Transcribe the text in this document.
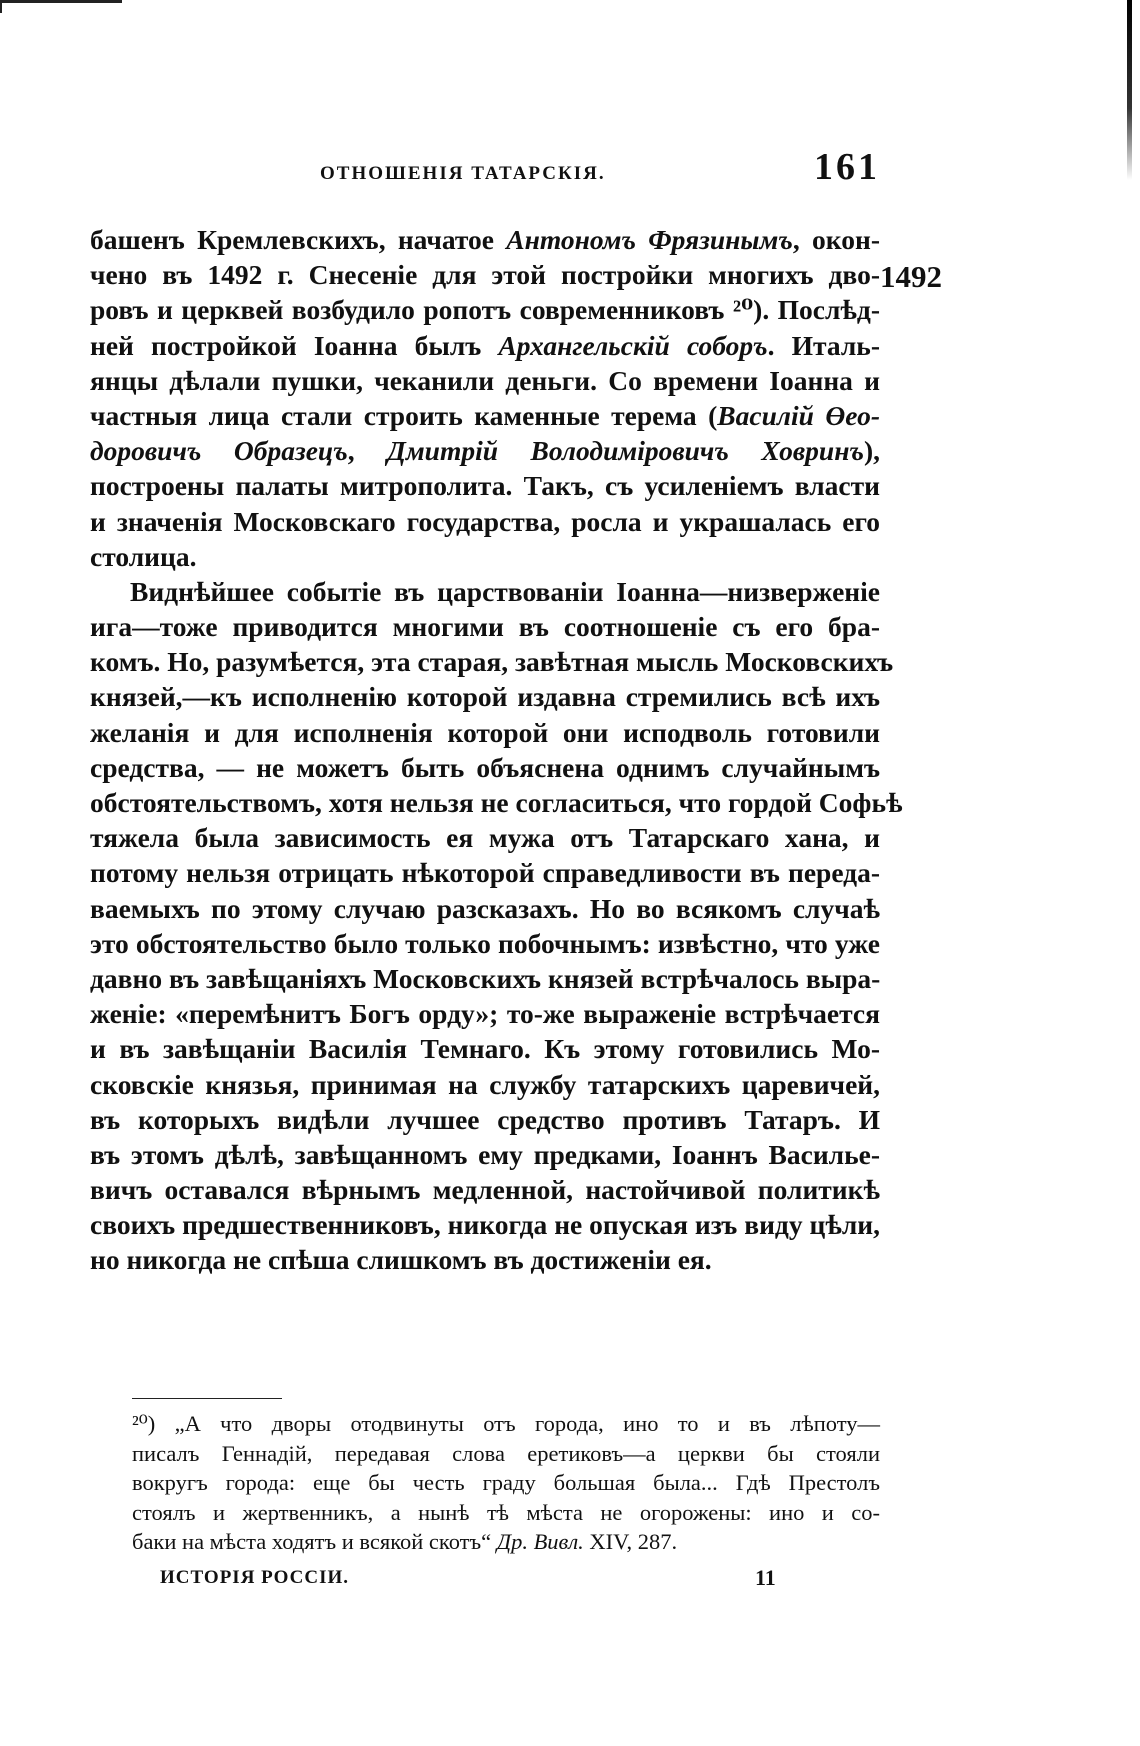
ОТНОШЕНІЯ ТАТАРСКІЯ.	161
1492
башенъ Кремлевскихъ, начатое Антономъ Фрязинымъ, окон-
чено въ 1492 г. Снесеніе для этой постройки многихъ дво-
ровъ и церквей возбудило ропотъ современниковъ ²⁰). Послѣд-
ней постройкой Іоанна былъ Архангельскій соборъ. Италь-
янцы дѣлали пушки, чеканили деньги. Со времени Іоанна и
частныя лица стали строить каменные терема (Василій Өео-
доровичъ Образецъ, Дмитрій Володиміровичъ Ховринъ),
построены палаты митрополита. Такъ, съ усиленіемъ власти
и значенія Московскаго государства, росла и украшалась его
столица.
Виднѣйшее событіе въ царствованіи Іоанна—низверженіе
ига—тоже приводится многими въ соотношеніе съ его бра-
комъ. Но, разумѣется, эта старая, завѣтная мысль Московскихъ
князей,—къ исполненію которой издавна стремились всѣ ихъ
желанія и для исполненія которой они исподволь готовили
средства, — не можетъ быть объяснена однимъ случайнымъ
обстоятельствомъ, хотя нельзя не согласиться, что гордой Софьѣ
тяжела была зависимость ея мужа отъ Татарскаго хана, и
потому нельзя отрицать нѣкоторой справедливости въ переда-
ваемыхъ по этому случаю разсказахъ. Но во всякомъ случаѣ
это обстоятельство было только побочнымъ: извѣстно, что уже
давно въ завѣщаніяхъ Московскихъ князей встрѣчалось выра-
женіе: «перемѣнитъ Богъ орду»; то-же выраженіе встрѣчается
и въ завѣщаніи Василія Темнаго. Къ этому готовились Мо-
сковскіе князья, принимая на службу татарскихъ царевичей,
въ которыхъ видѣли лучшее средство противъ Татаръ. И
въ этомъ дѣлѣ, завѣщанномъ ему предками, Іоаннъ Василье-
вичъ оставался вѣрнымъ медленной, настойчивой политикѣ
своихъ предшественниковъ, никогда не опуская изъ виду цѣли,
но никогда не спѣша слишкомъ въ достиженіи ея.
²⁰) „А что дворы отодвинуты отъ города, ино то и въ лѣпоту—
писалъ Геннадій, передавая слова еретиковъ—а церкви бы стояли
вокругъ города: еще бы честь граду большая была... Гдѣ Престолъ
стоялъ и жертвенникъ, а нынѣ тѣ мѣста не огорожены: ино и со-
баки на мѣста ходятъ и всякой скотъ“ Др. Вивл. XIV, 287.
ИСТОРІЯ РОССІИ.	11
